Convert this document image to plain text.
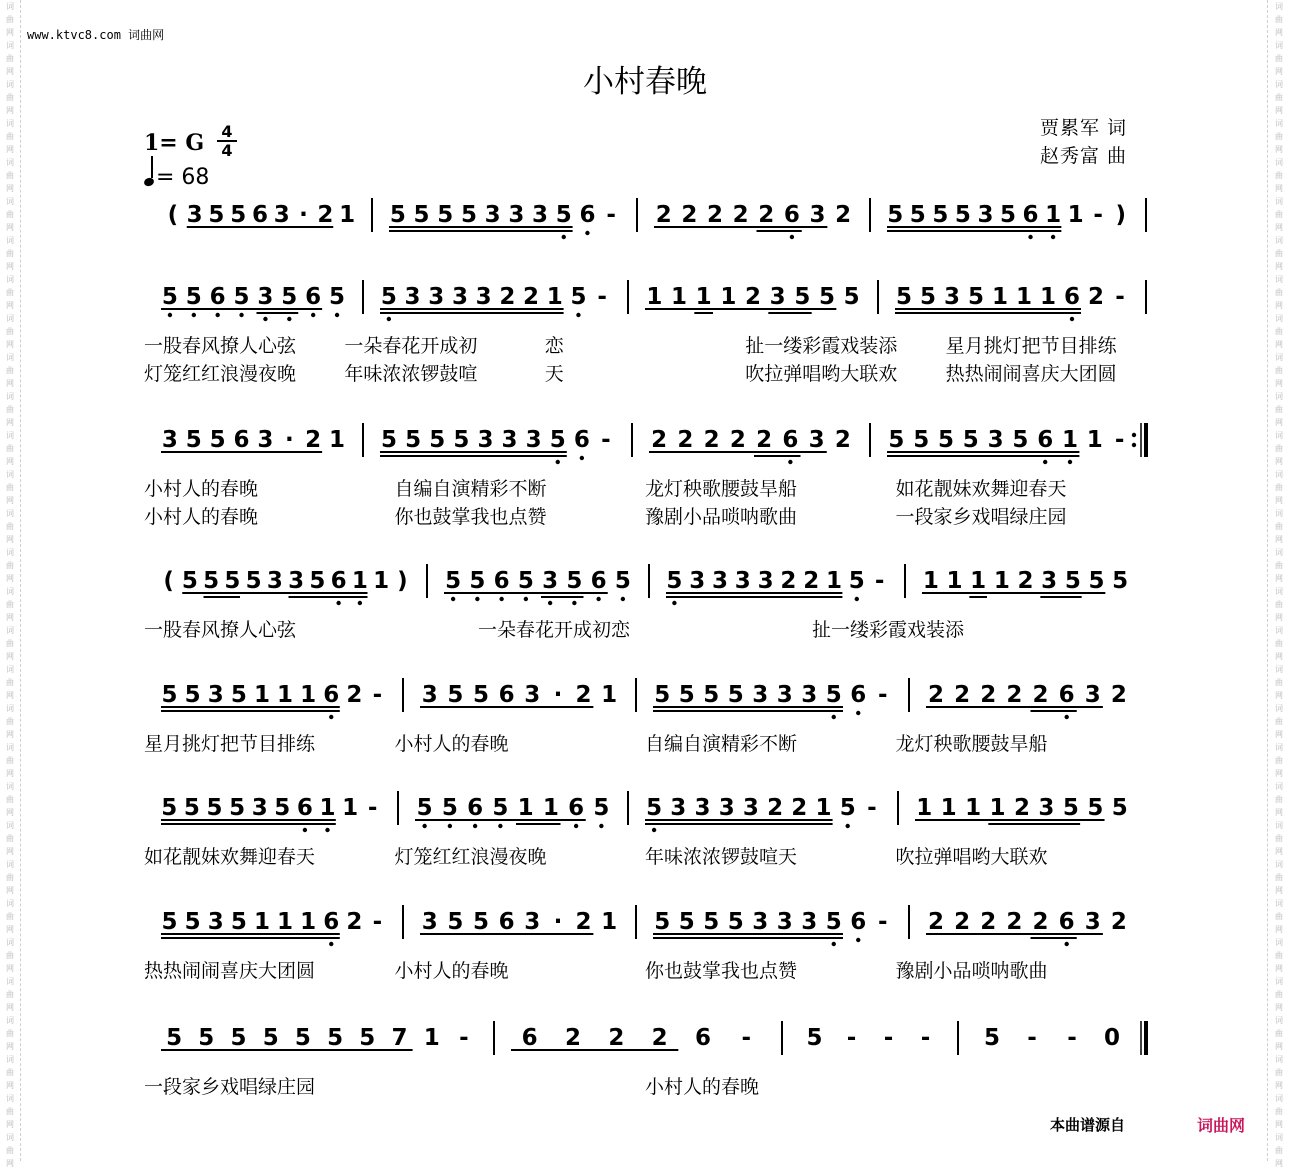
词
曲
网
词
曲
网
词
曲
网
词
曲
网
词
曲
网
词
曲
网
词
曲
网
词
曲
网
词
曲
网
词
曲
网
词
曲
网
词
曲
网
词
曲
网
词
曲
网
词
曲
网
词
曲
网
词
曲
网
词
曲
网
词
曲
网
词
曲
网
词
曲
网
词
曲
网
词
曲
网
词
曲
网
词
曲
网
词
曲
网
词
曲
网
词
曲
网
词
曲
网
词
曲
网

词
曲
网
词
曲
网
词
曲
网
词
曲
网
词
曲
网
词
曲
网
词
曲
网
词
曲
网
词
曲
网
词
曲
网
词
曲
网
词
曲
网
词
曲
网
词
曲
网
词
曲
网
词
曲
网
词
曲
网
词
曲
网
词
曲
网
词
曲
网
词
曲
网
词
曲
网
词
曲
网
词
曲
网
词
曲
网
词
曲
网
词
曲
网
词
曲
网
词
曲
网
词
曲
网

www.ktvc8.com 词曲网
小村春晚
1= G 4
4
= 68
贾累军 词
赵秀富 曲
( 3 5 5 6 3 · 2 1 5 5 5 5 3 3 3 5 6 - 2 2 2 2 2 6 3 2 5 5 5 5 3 5 6 1 1 - )
5 5 6 5 3 5 6 5 5 3 3 3 3 2 2 1 5 - 1 1 1 1 2 3 5 5 5 5 5 3 5 1 1 1 6 2 -
一股春风撩人心弦	一朵春花开成初	恋	扯一缕彩霞戏装添	星月挑灯把节目排练
灯笼红红浪漫夜晚	年味浓浓锣鼓喧	天	吹拉弹唱哟大联欢	热热闹闹喜庆大团圆
3 5 5 6 3 · 2 1 5 5 5 5 3 3 3 5 6 - 2 2 2 2 2 6 3 2 5 5 5 5 3 5 6 1 1 -
小村人的春晚	自编自演精彩不断	龙灯秧歌腰鼓旱船	如花靓妹欢舞迎春天
小村人的春晚	你也鼓掌我也点赞	豫剧小品唢呐歌曲	一段家乡戏唱绿庄园
( 5 5 5 5 3 3 5 6 1 1 ) 5 5 6 5 3 5 6 5 5 3 3 3 3 2 2 1 5 - 1 1 1 1 2 3 5 5 5
一股春风撩人心弦	一朵春花开成初恋	扯一缕彩霞戏装添
5 5 3 5 1 1 1 6 2 - 3 5 5 6 3 · 2 1 5 5 5 5 3 3 3 5 6 - 2 2 2 2 2 6 3 2
星月挑灯把节目排练	小村人的春晚	自编自演精彩不断	龙灯秧歌腰鼓旱船
5 5 5 5 3 5 6 1 1 - 5 5 6 5 1 1 6 5 5 3 3 3 3 2 2 1 5 - 1 1 1 1 2 3 5 5 5
如花靓妹欢舞迎春天	灯笼红红浪漫夜晚	年味浓浓锣鼓喧天	吹拉弹唱哟大联欢
5 5 3 5 1 1 1 6 2 - 3 5 5 6 3 · 2 1 5 5 5 5 3 3 3 5 6 - 2 2 2 2 2 6 3 2
热热闹闹喜庆大团圆	小村人的春晚	你也鼓掌我也点赞	豫剧小品唢呐歌曲
5 5 5 5 5 5 5 7 1 - 6 2 2 2 6 - 5 - - - 5 - - 0
一段家乡戏唱绿庄园	小村人的春晚
本曲谱源自	词曲网
